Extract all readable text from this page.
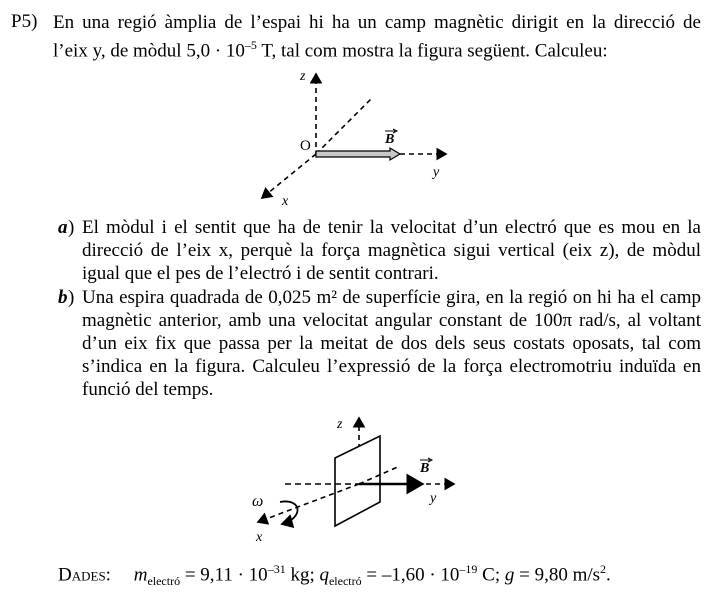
P5) En una regió àmplia de l’espai hi ha un camp magnètic dirigit en la direcció de
l’eix y, de mòdul $5,0 \cdot 10^{-5}$ T, tal com mostra la figura següent. Calculeu:
z
O	B
y
x
a ) El mòdul i el sentit que ha de tenir la velocitat d’un electró que es mou en la
direcció de l’eix x, perquè la força magnètica sigui vertical (eix z), de mòdul
igual que el pes de l’electró i de sentit contrari.
b ) Una espira quadrada de 0,025 m² de superfície gira, en la regió on hi ha el camp
magnètic anterior, amb una velocitat angular constant de 100π rad/s, al voltant
d’un eix fix que passa per la meitat de dos dels seus costats oposats, tal com
s’indica en la figura. Calculeu l’expressió de la força electromotriu induïda en
funció del temps.
ω
z
B
y
x
Dades: $m_{electró} = 9,11 \cdot 10^{-31}$ kg; $q_{electró} = -1,60 \cdot 10^{-19}$ C; g = 9,80 $m/s^2$.
